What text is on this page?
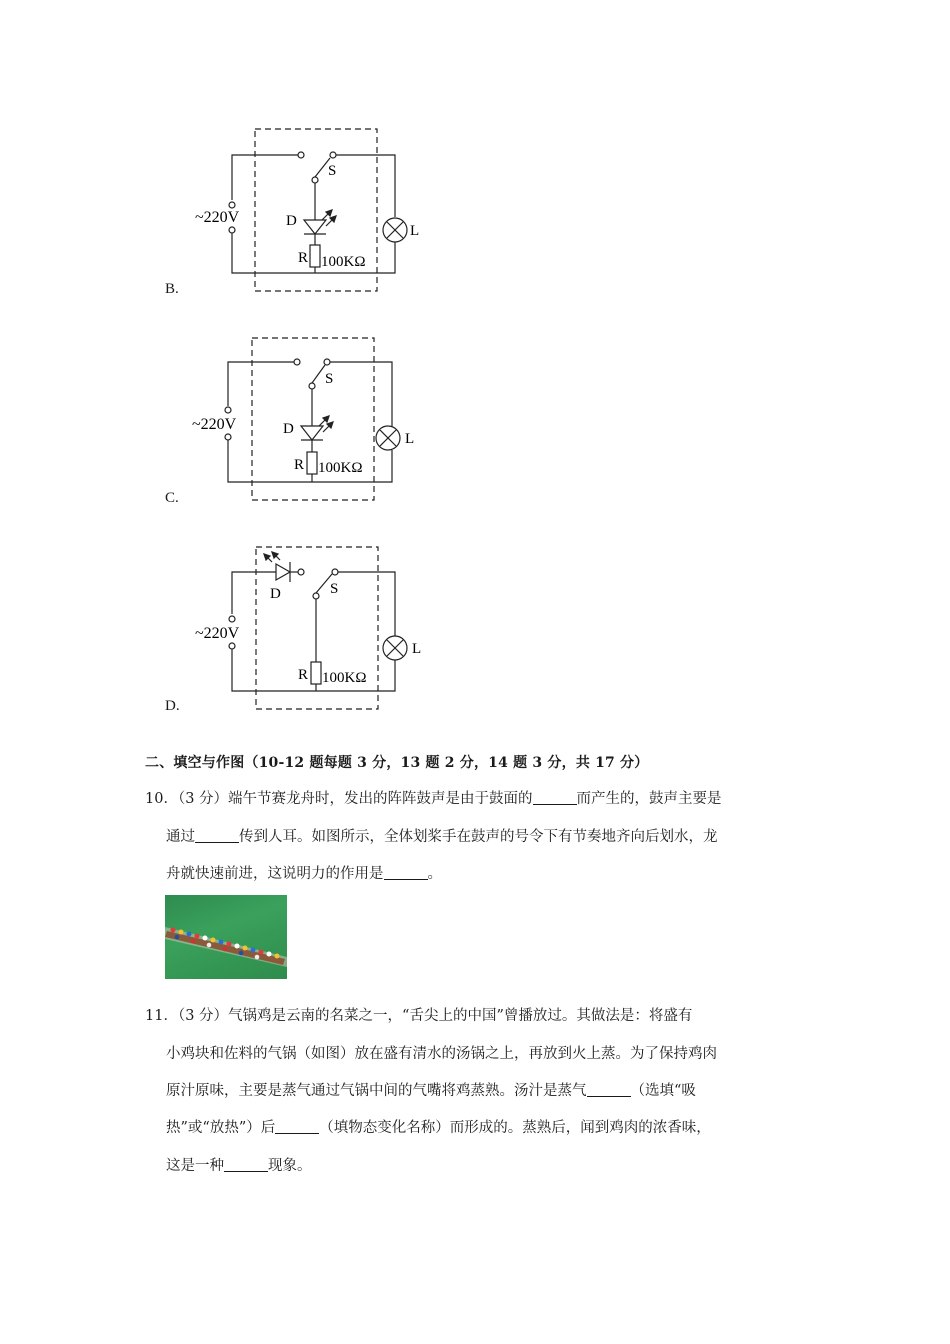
~220V
S
D
R 100KΩ
L
B.
~220V
S
D
R 100KΩ
L
C.
~220V
S
D
R 100KΩ
L
D.
二、填空与作图（10-12 题每题 3 分，13 题 2 分，14 题 3 分，共 17 分）
10．（3 分）端午节赛龙舟时，发出的阵阵鼓声是由于鼓面的	而产生的，鼓声主要是
通过	传到人耳。如图所示，全体划桨手在鼓声的号令下有节奏地齐向后划水，龙
舟就快速前进，这说明力的作用是	。
11．（3 分）气锅鸡是云南的名菜之一，“舌尖上的中国”曾播放过。其做法是：将盛有
小鸡块和佐料的气锅（如图）放在盛有清水的汤锅之上，再放到火上蒸。为了保持鸡肉
原汁原味，主要是蒸气通过气锅中间的气嘴将鸡蒸熟。汤汁是蒸气	（选填“吸
热”或“放热”）后	（填物态变化名称）而形成的。蒸熟后，闻到鸡肉的浓香味，
这是一种	现象。
